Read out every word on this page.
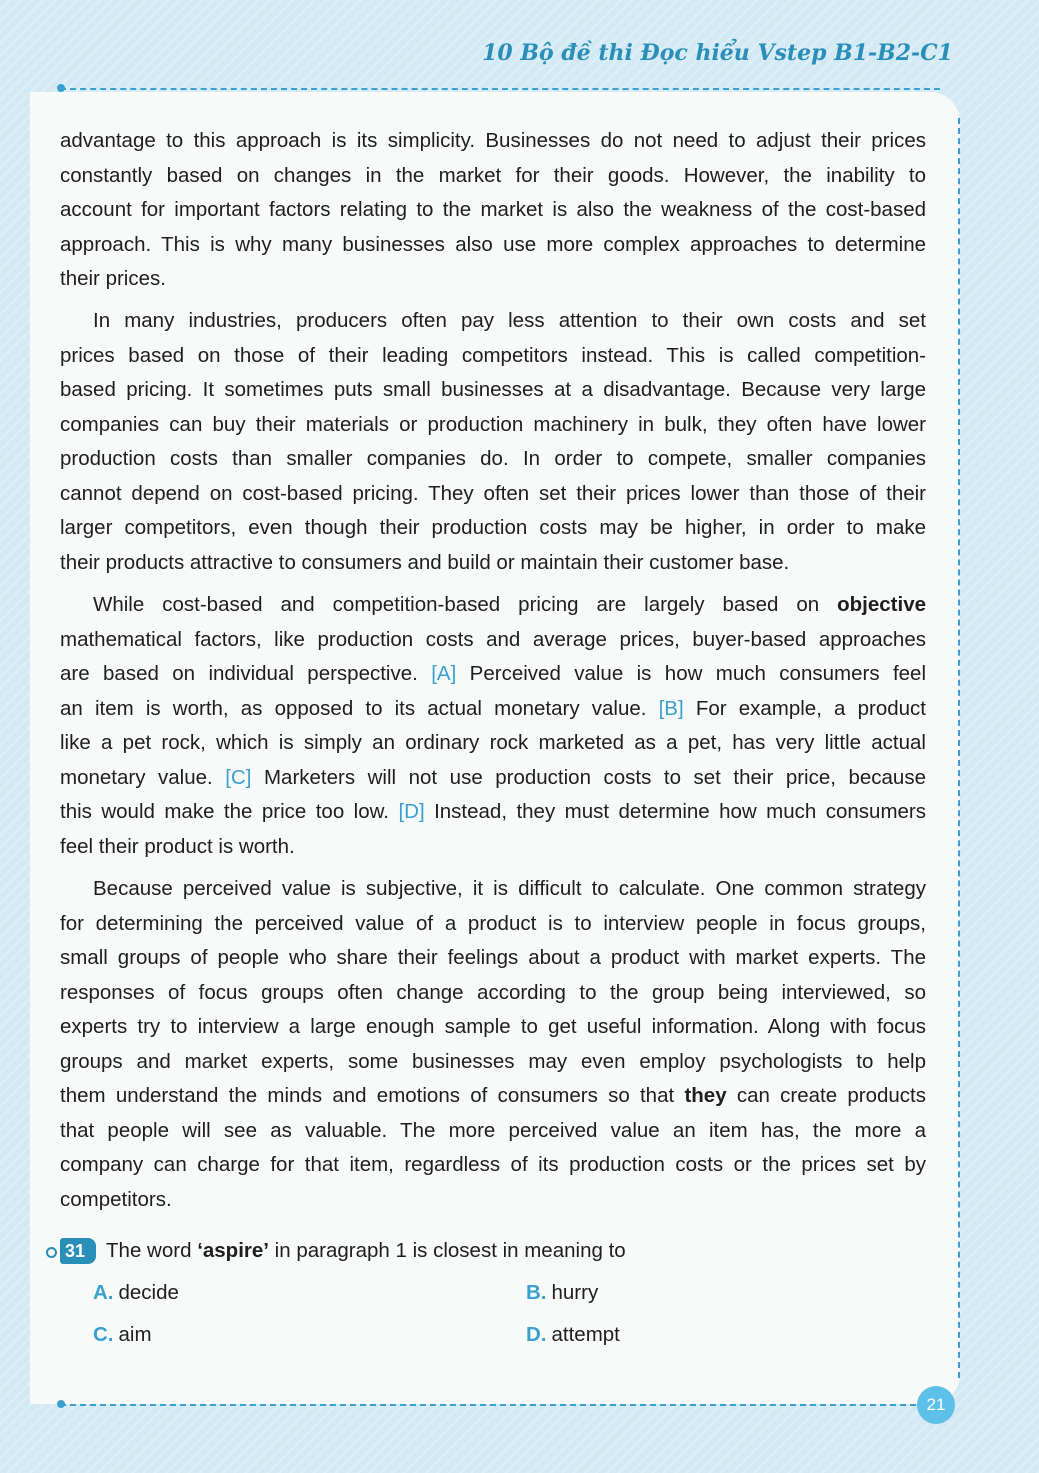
10 Bộ đề thi Đọc hiểu Vstep B1-B2-C1
21
advantage to this approach is its simplicity. Businesses do not need to adjust their prices
constantly based on changes in the market for their goods. However, the inability to
account for important factors relating to the market is also the weakness of the cost-based
approach. This is why many businesses also use more complex approaches to determine
their prices.
In many industries, producers often pay less attention to their own costs and set
prices based on those of their leading competitors instead. This is called competition-
based pricing. It sometimes puts small businesses at a disadvantage. Because very large
companies can buy their materials or production machinery in bulk, they often have lower
production costs than smaller companies do. In order to compete, smaller companies
cannot depend on cost-based pricing. They often set their prices lower than those of their
larger competitors, even though their production costs may be higher, in order to make
their products attractive to consumers and build or maintain their customer base.
While cost-based and competition-based pricing are largely based on objective
mathematical factors, like production costs and average prices, buyer-based approaches
are based on individual perspective. [A] Perceived value is how much consumers feel
an item is worth, as opposed to its actual monetary value. [B] For example, a product
like a pet rock, which is simply an ordinary rock marketed as a pet, has very little actual
monetary value. [C] Marketers will not use production costs to set their price, because
this would make the price too low. [D] Instead, they must determine how much consumers
feel their product is worth.
Because perceived value is subjective, it is difficult to calculate. One common strategy
for determining the perceived value of a product is to interview people in focus groups,
small groups of people who share their feelings about a product with market experts. The
responses of focus groups often change according to the group being interviewed, so
experts try to interview a large enough sample to get useful information. Along with focus
groups and market experts, some businesses may even employ psychologists to help
them understand the minds and emotions of consumers so that they can create products
that people will see as valuable. The more perceived value an item has, the more a
company can charge for that item, regardless of its production costs or the prices set by
competitors.
31 The word ‘aspire’ in paragraph 1 is closest in meaning to
A. decide	B. hurry
C. aim	D. attempt
